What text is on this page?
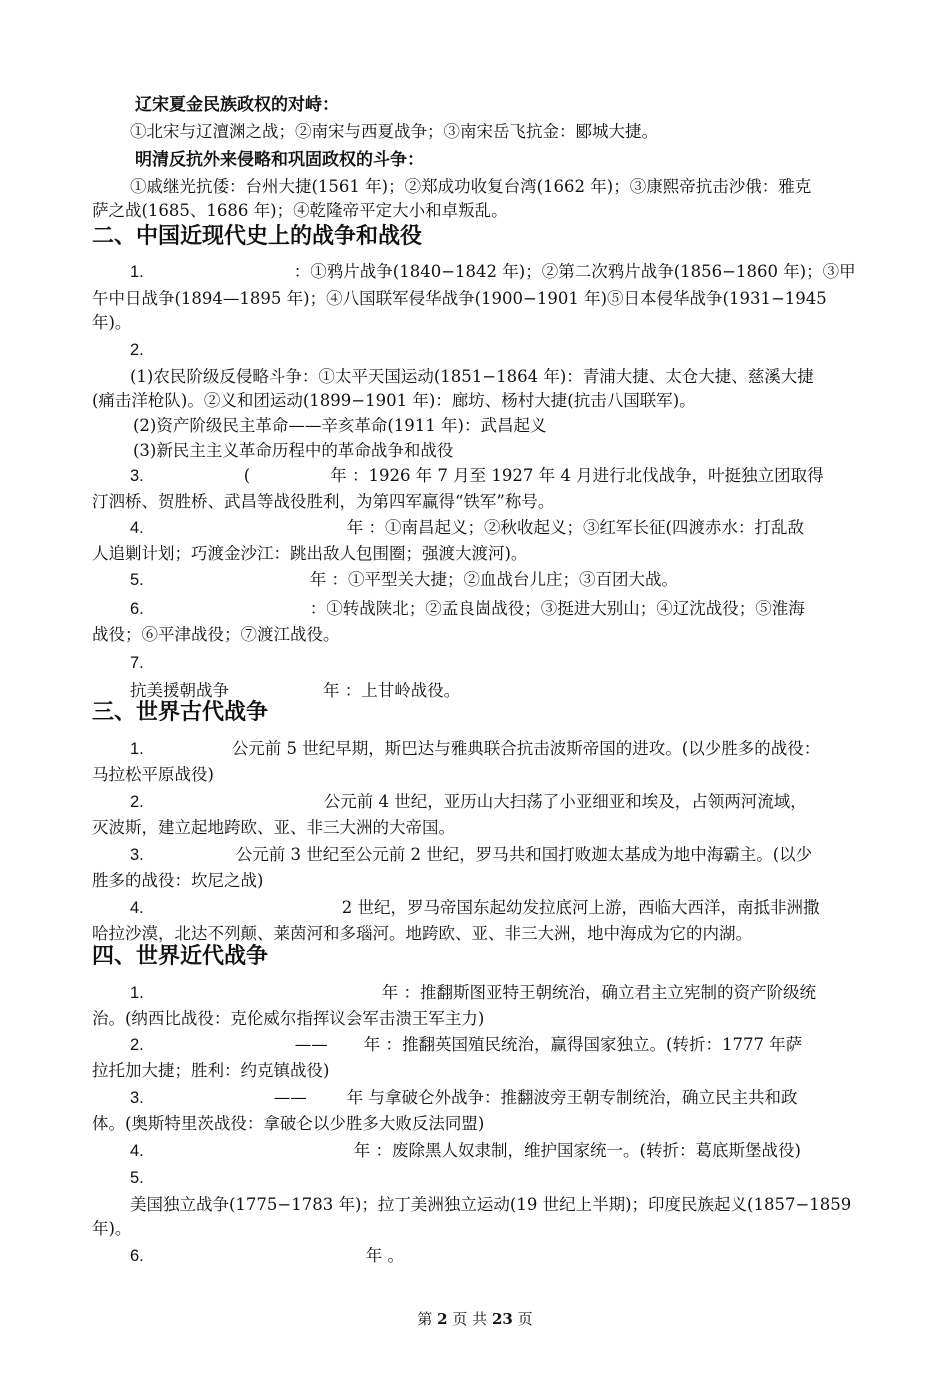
辽宋夏金民族政权的对峙：
①北宋与辽澶渊之战；②南宋与西夏战争；③南宋岳飞抗金：郾城大捷。
明清反抗外来侵略和巩固政权的斗争：
①戚继光抗倭：台州大捷(1561 年)；②郑成功收复台湾(1662 年)；③康熙帝抗击沙俄：雅克
萨之战(1685、1686 年)；④乾隆帝平定大小和卓叛乱。
二、中国近现代史上的战争和战役
1.	：①鸦片战争(1840−1842 年)；②第二次鸦片战争(1856−1860 年)；③甲
午中日战争(1894—1895 年)；④八国联军侵华战争(1900−1901 年)⑤日本侵华战争(1931−1945
年)。
2.
(1)农民阶级反侵略斗争：①太平天国运动(1851−1864 年)：青浦大捷、太仓大捷、慈溪大捷
(痛击洋枪队)。②义和团运动(1899−1901 年)：廊坊、杨村大捷(抗击八国联军)。
(2)资产阶级民主革命——辛亥革命(1911 年)：武昌起义
(3)新民主主义革命历程中的革命战争和战役
3.	(	年 ：1926 年 7 月至 1927 年 4 月进行北伐战争，叶挺独立团取得
汀泗桥、贺胜桥、武昌等战役胜利，为第四军赢得“铁军”称号。
4.	年 ：①南昌起义；②秋收起义；③红军长征(四渡赤水：打乱敌
人追剿计划；巧渡金沙江：跳出敌人包围圈；强渡大渡河)。
5.	年 ：①平型关大捷；②血战台儿庄；③百团大战。
6.	：①转战陕北；②孟良崮战役；③挺进大别山；④辽沈战役；⑤淮海
战役；⑥平津战役；⑦渡江战役。
7.
抗美援朝战争	年 ：上甘岭战役。
三、世界古代战争
1.	公元前 5 世纪早期，斯巴达与雅典联合抗击波斯帝国的进攻。(以少胜多的战役：
马拉松平原战役)
2.	公元前 4 世纪，亚历山大扫荡了小亚细亚和埃及，占领两河流域，
灭波斯，建立起地跨欧、亚、非三大洲的大帝国。
3.	公元前 3 世纪至公元前 2 世纪，罗马共和国打败迦太基成为地中海霸主。(以少
胜多的战役：坎尼之战)
4.	2 世纪，罗马帝国东起幼发拉底河上游，西临大西洋，南抵非洲撒
哈拉沙漠，北达不列颠、莱茵河和多瑙河。地跨欧、亚、非三大洲，地中海成为它的内湖。
四、世界近代战争
1.	年 ：推翻斯图亚特王朝统治，确立君主立宪制的资产阶级统
治。(纳西比战役：克伦威尔指挥议会军击溃王军主力)
2.	—— 年 ：推翻英国殖民统治，赢得国家独立。(转折：1777 年萨
拉托加大捷；胜利：约克镇战役)
3.	—— 年 与拿破仑外战争：推翻波旁王朝专制统治，确立民主共和政
体。(奥斯特里茨战役：拿破仑以少胜多大败反法同盟)
4.	年 ：废除黑人奴隶制，维护国家统一。(转折：葛底斯堡战役)
5.
美国独立战争(1775−1783 年)；拉丁美洲独立运动(19 世纪上半期)；印度民族起义(1857−1859
年)。
6.	年 。
第 2 页 共 23 页
